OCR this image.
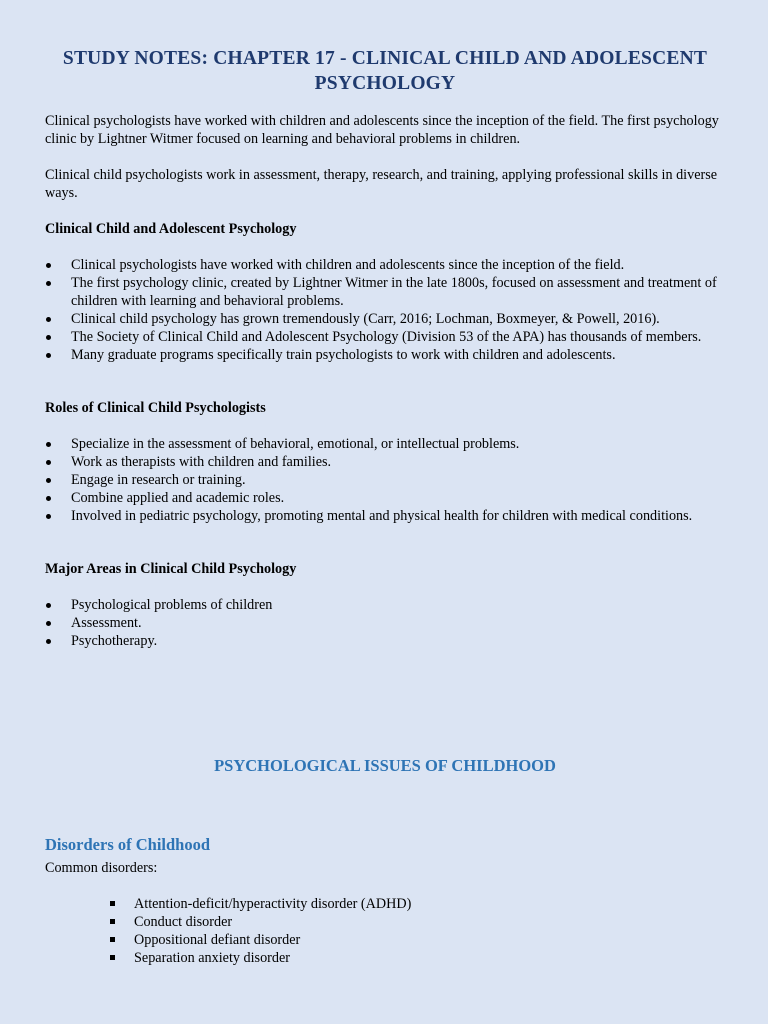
STUDY NOTES: CHAPTER 17 - CLINICAL CHILD AND ADOLESCENT
PSYCHOLOGY

Clinical psychologists have worked with children and adolescents since the inception of the field. The first psychology clinic by Lightner Witmer focused on learning and behavioral problems in children.

Clinical child psychologists work in assessment, therapy, research, and training, applying professional skills in diverse ways.

Clinical Child and Adolescent Psychology
Clinical psychologists have worked with children and adolescents since the inception of the field.
The first psychology clinic, created by Lightner Witmer in the late 1800s, focused on assessment and treatment of children with learning and behavioral problems.
Clinical child psychology has grown tremendously (Carr, 2016; Lochman, Boxmeyer, & Powell, 2016).
The Society of Clinical Child and Adolescent Psychology (Division 53 of the APA) has thousands of members.
Many graduate programs specifically train psychologists to work with children and adolescents.
Roles of Clinical Child Psychologists
Specialize in the assessment of behavioral, emotional, or intellectual problems.
Work as therapists with children and families.
Engage in research or training.
Combine applied and academic roles.
Involved in pediatric psychology, promoting mental and physical health for children with medical conditions.
Major Areas in Clinical Child Psychology
Psychological problems of children
Assessment.
Psychotherapy.
PSYCHOLOGICAL ISSUES OF CHILDHOOD
Disorders of Childhood

Common disorders:

Attention-deficit/hyperactivity disorder (ADHD)
Conduct disorder
Oppositional defiant disorder
Separation anxiety disorder
